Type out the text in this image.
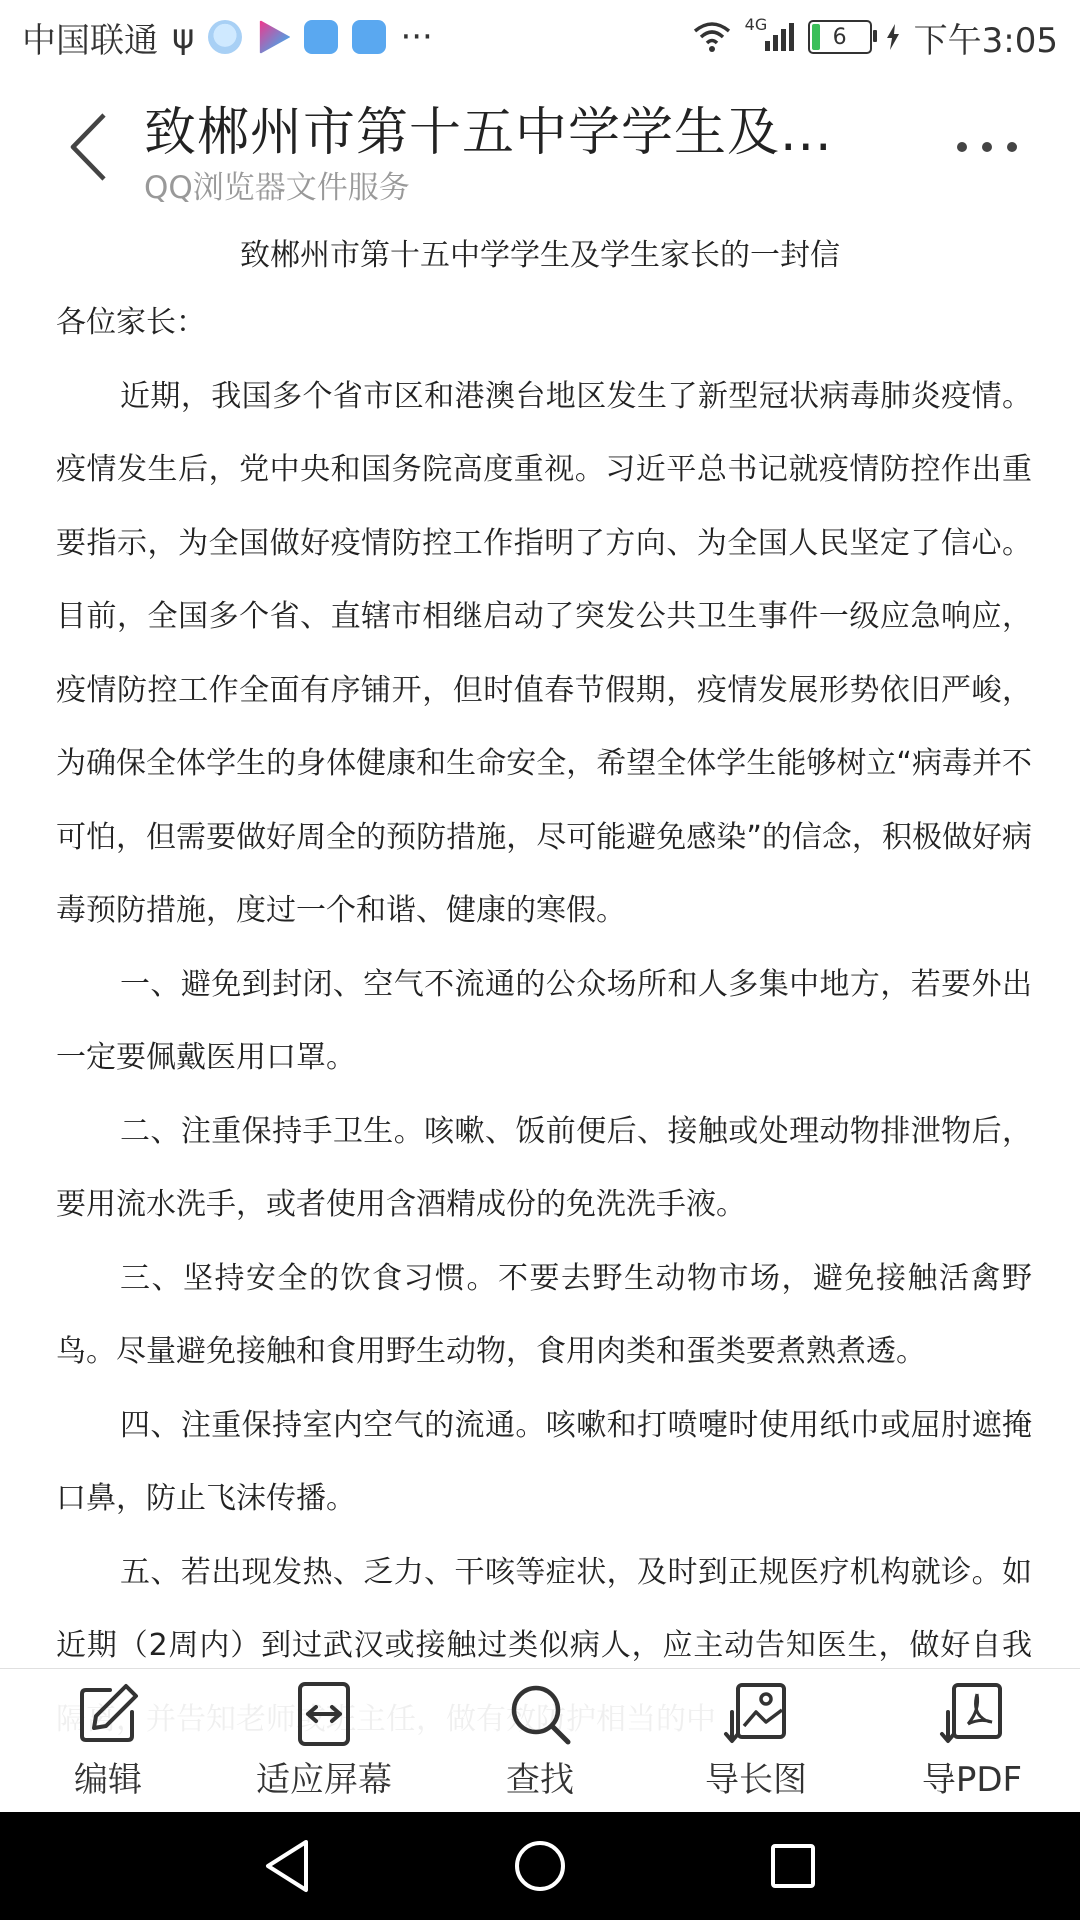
中国联通 ψ	···	4G	6 下午3:05
致郴州市第十五中学学生及...
QQ浏览器文件服务
致郴州市第十五中学学生及学生家长的一封信

各位家长：

近期，我国多个省市区和港澳台地区发生了新型冠状病毒肺炎疫情。疫情发生后，党中央和国务院高度重视。习近平总书记就疫情防控作出重要指示，为全国做好疫情防控工作指明了方向、为全国人民坚定了信心。目前，全国多个省、直辖市相继启动了突发公共卫生事件一级应急响应，疫情防控工作全面有序铺开，但时值春节假期，疫情发展形势依旧严峻，为确保全体学生的身体健康和生命安全，希望全体学生能够树立“病毒并不可怕，但需要做好周全的预防措施，尽可能避免感染”的信念，积极做好病毒预防措施，度过一个和谐、健康的寒假。

一、避免到封闭、空气不流通的公众场所和人多集中地方，若要外出一定要佩戴医用口罩。

二、注重保持手卫生。咳嗽、饭前便后、接触或处理动物排泄物后，要用流水洗手，或者使用含酒精成份的免洗洗手液。

三、坚持安全的饮食习惯。不要去野生动物市场，避免接触活禽野鸟。尽量避免接触和食用野生动物，食用肉类和蛋类要煮熟煮透。

四、注重保持室内空气的流通。咳嗽和打喷嚏时使用纸巾或屈肘遮掩口鼻，防止飞沫传播。

五、若出现发热、乏力、干咳等症状，及时到正规医疗机构就诊。如近期（2周内）到过武汉或接触过类似病人，应主动告知医生，做好自我

编辑	适应屏幕	查找	导长图	导PDF
